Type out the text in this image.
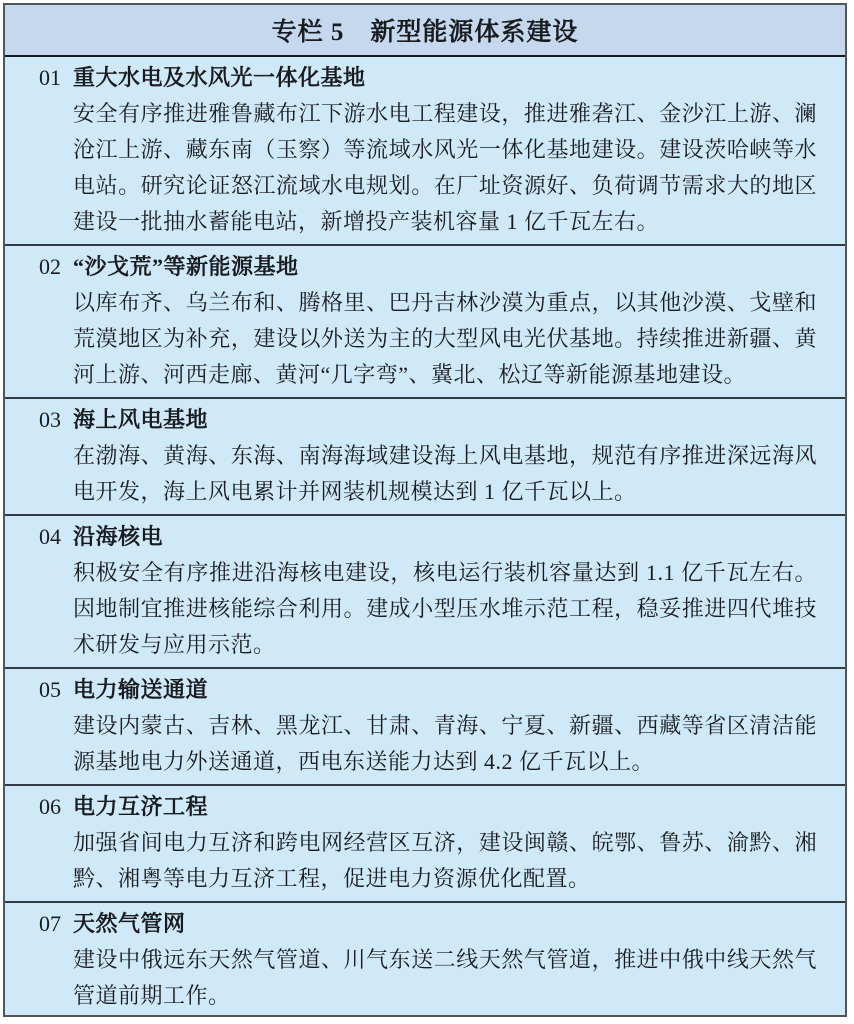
专栏 5　新型能源体系建设
01 重大水电及水风光一体化基地

安全有序推进雅鲁藏布江下游水电工程建设，推进雅砻江、金沙江上游、澜沧江上游、藏东南（玉察）等流域水风光一体化基地建设。建设茨哈峡等水电站。研究论证怒江流域水电规划。在厂址资源好、负荷调节需求大的地区建设一批抽水蓄能电站，新增投产装机容量 1 亿千瓦左右。

02 “沙戈荒”等新能源基地

以库布齐、乌兰布和、腾格里、巴丹吉林沙漠为重点，以其他沙漠、戈壁和荒漠地区为补充，建设以外送为主的大型风电光伏基地。持续推进新疆、黄河上游、河西走廊、黄河“几字弯”、冀北、松辽等新能源基地建设。

03 海上风电基地

在渤海、黄海、东海、南海海域建设海上风电基地，规范有序推进深远海风电开发，海上风电累计并网装机规模达到 1 亿千瓦以上。

04 沿海核电

积极安全有序推进沿海核电建设，核电运行装机容量达到 1.1 亿千瓦左右。因地制宜推进核能综合利用。建成小型压水堆示范工程，稳妥推进四代堆技术研发与应用示范。

05 电力输送通道

建设内蒙古、吉林、黑龙江、甘肃、青海、宁夏、新疆、西藏等省区清洁能源基地电力外送通道，西电东送能力达到 4.2 亿千瓦以上。

06 电力互济工程

加强省间电力互济和跨电网经营区互济，建设闽赣、皖鄂、鲁苏、渝黔、湘黔、湘粤等电力互济工程，促进电力资源优化配置。

07 天然气管网

建设中俄远东天然气管道、川气东送二线天然气管道，推进中俄中线天然气管道前期工作。
